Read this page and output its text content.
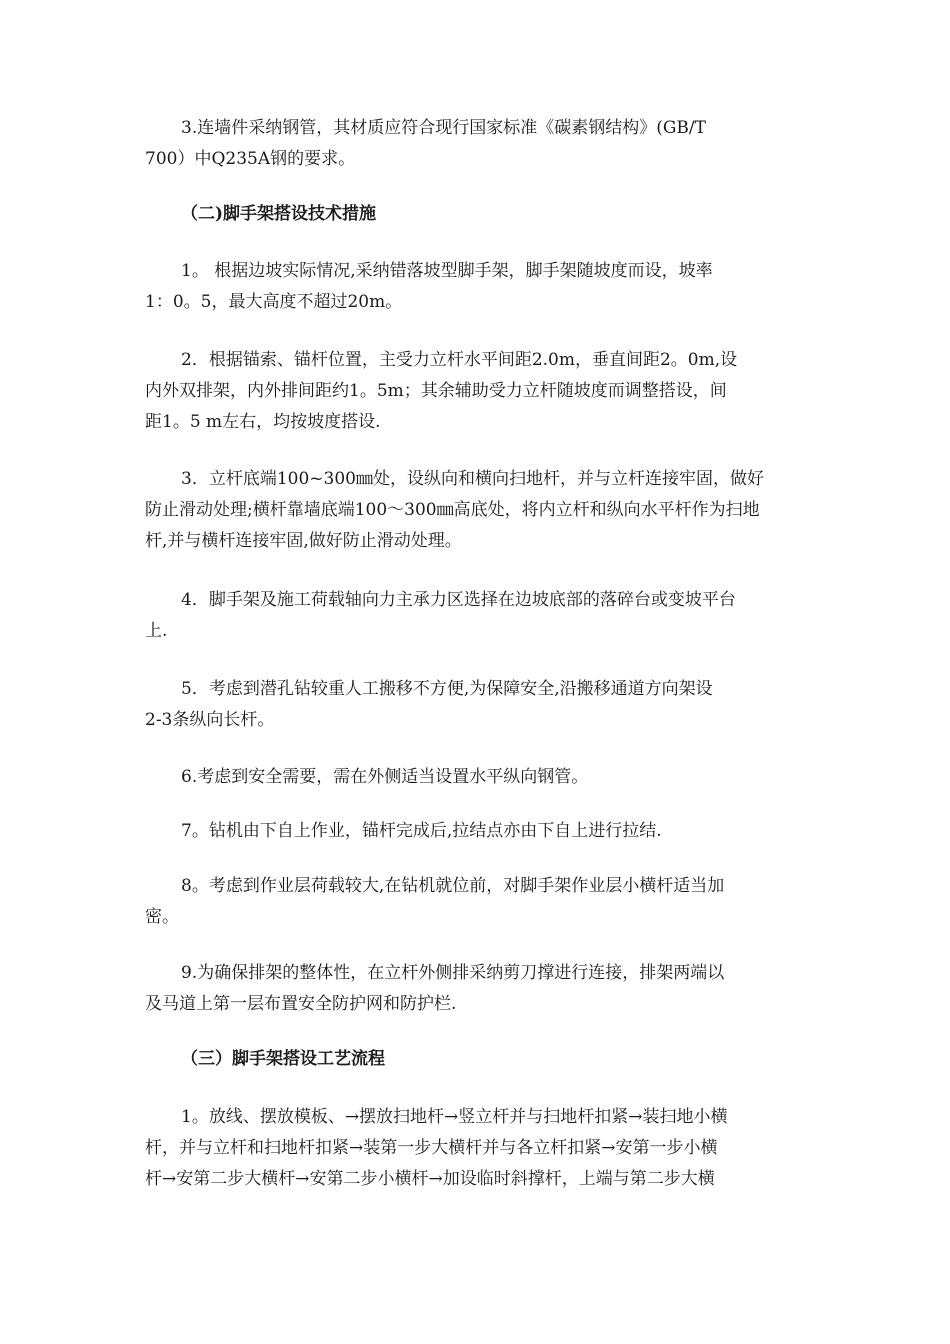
3.连墙件采纳钢管，其材质应符合现行国家标准《碳素钢结构》(GB/T
700）中Q235A钢的要求。
（二)脚手架搭设技术措施
1。 根据边坡实际情况,采纳错落坡型脚手架，脚手架随坡度而设，坡率
1：0。5，最大高度不超过20m。
2．根据锚索、锚杆位置，主受力立杆水平间距2.0m，垂直间距2。0m,设
内外双排架，内外排间距约1。5m；其余辅助受力立杆随坡度而调整搭设，间
距1。5 m左右，均按坡度搭设.
3．立杆底端100~300㎜处，设纵向和横向扫地杆，并与立杆连接牢固，做好
防止滑动处理;横杆靠墙底端100～300㎜高底处，将内立杆和纵向水平杆作为扫地
杆,并与横杆连接牢固,做好防止滑动处理。
4．脚手架及施工荷载轴向力主承力区选择在边坡底部的落碎台或变坡平台
上.
5．考虑到潜孔钻较重人工搬移不方便,为保障安全,沿搬移通道方向架设
2-3条纵向长杆。
6.考虑到安全需要，需在外侧适当设置水平纵向钢管。
7。钻机由下自上作业，锚杆完成后,拉结点亦由下自上进行拉结.
8。考虑到作业层荷载较大,在钻机就位前，对脚手架作业层小横杆适当加
密。
9.为确保排架的整体性，在立杆外侧排采纳剪刀撑进行连接，排架两端以
及马道上第一层布置安全防护网和防护栏.
（三）脚手架搭设工艺流程
1。放线、摆放模板、→摆放扫地杆→竖立杆并与扫地杆扣紧→装扫地小横
杆，并与立杆和扫地杆扣紧→装第一步大横杆并与各立杆扣紧→安第一步小横
杆→安第二步大横杆→安第二步小横杆→加设临时斜撑杆，上端与第二步大横
